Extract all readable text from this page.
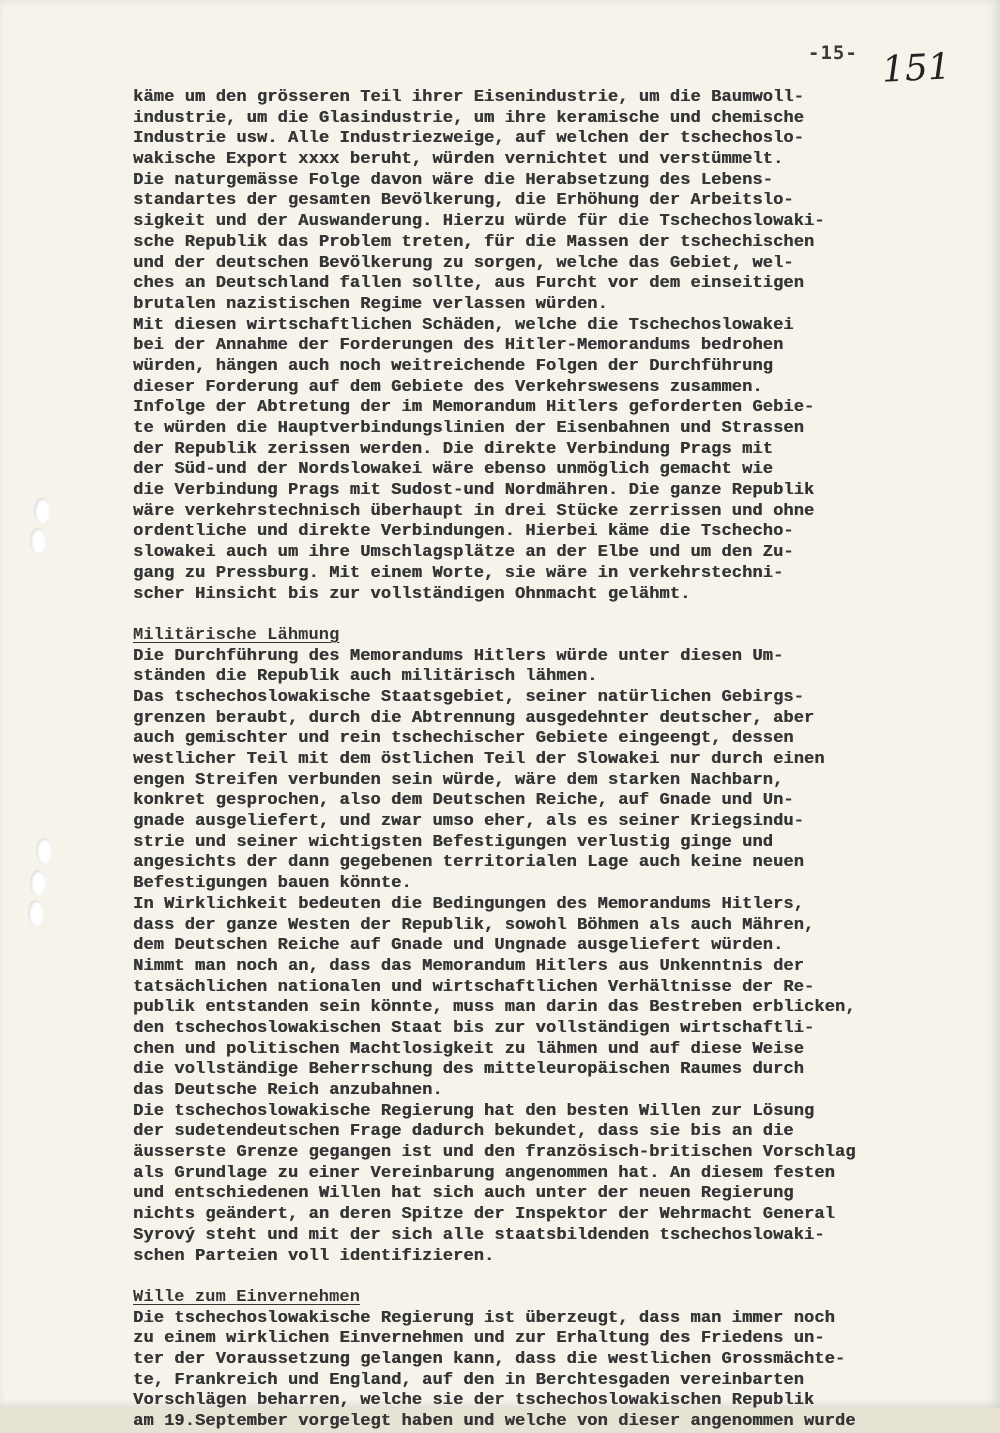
-15- 151
käme um den grösseren Teil ihrer Eisenindustrie, um die Baumwoll-
industrie, um die Glasindustrie, um ihre keramische und chemische
Industrie usw. Alle Industriezweige, auf welchen der tschechoslo-
wakische Export xxxx beruht, würden vernichtet und verstümmelt.
Die naturgemässe Folge davon wäre die Herabsetzung des Lebens-
standartes der gesamten Bevölkerung, die Erhöhung der Arbeitslo-
sigkeit und der Auswanderung. Hierzu würde für die Tschechoslowaki-
sche Republik das Problem treten, für die Massen der tschechischen
und der deutschen Bevölkerung zu sorgen, welche das Gebiet, wel-
ches an Deutschland fallen sollte, aus Furcht vor dem einseitigen
brutalen nazistischen Regime verlassen würden.
Mit diesen wirtschaftlichen Schäden, welche die Tschechoslowakei
bei der Annahme der Forderungen des Hitler-Memorandums bedrohen
würden, hängen auch noch weitreichende Folgen der Durchführung
dieser Forderung auf dem Gebiete des Verkehrswesens zusammen.
Infolge der Abtretung der im Memorandum Hitlers geforderten Gebie-
te würden die Hauptverbindungslinien der Eisenbahnen und Strassen
der Republik zerissen werden. Die direkte Verbindung Prags mit
der Süd-und der Nordslowakei wäre ebenso unmöglich gemacht wie
die Verbindung Prags mit Sudost-und Nordmähren. Die ganze Republik
wäre verkehrstechnisch überhaupt in drei Stücke zerrissen und ohne
ordentliche und direkte Verbindungen. Hierbei käme die Tschecho-
slowakei auch um ihre Umschlagsplätze an der Elbe und um den Zu-
gang zu Pressburg. Mit einem Worte, sie wäre in verkehrstechni-
scher Hinsicht bis zur vollständigen Ohnmacht gelähmt.
Militärische Lähmung
Die Durchführung des Memorandums Hitlers würde unter diesen Um-
ständen die Republik auch militärisch lähmen.
Das tschechoslowakische Staatsgebiet, seiner natürlichen Gebirgs-
grenzen beraubt, durch die Abtrennung ausgedehnter deutscher, aber
auch gemischter und rein tschechischer Gebiete eingeengt, dessen
westlicher Teil mit dem östlichen Teil der Slowakei nur durch einen
engen Streifen verbunden sein würde, wäre dem starken Nachbarn,
konkret gesprochen, also dem Deutschen Reiche, auf Gnade und Un-
gnade ausgeliefert, und zwar umso eher, als es seiner Kriegsindu-
strie und seiner wichtigsten Befestigungen verlustig ginge und
angesichts der dann gegebenen territorialen Lage auch keine neuen
Befestigungen bauen könnte.
In Wirklichkeit bedeuten die Bedingungen des Memorandums Hitlers,
dass der ganze Westen der Republik, sowohl Böhmen als auch Mähren,
dem Deutschen Reiche auf Gnade und Ungnade ausgeliefert würden.
Nimmt man noch an, dass das Memorandum Hitlers aus Unkenntnis der
tatsächlichen nationalen und wirtschaftlichen Verhältnisse der Re-
publik entstanden sein könnte, muss man darin das Bestreben erblicken,
den tschechoslowakischen Staat bis zur vollständigen wirtschaftli-
chen und politischen Machtlosigkeit zu lähmen und auf diese Weise
die vollständige Beherrschung des mitteleuropäischen Raumes durch
das Deutsche Reich anzubahnen.
Die tschechoslowakische Regierung hat den besten Willen zur Lösung
der sudetendeutschen Frage dadurch bekundet, dass sie bis an die
äusserste Grenze gegangen ist und den französisch-britischen Vorschlag
als Grundlage zu einer Vereinbarung angenommen hat. An diesem festen
und entschiedenen Willen hat sich auch unter der neuen Regierung
nichts geändert, an deren Spitze der Inspektor der Wehrmacht General
Syrový steht und mit der sich alle staatsbildenden tschechoslowaki-
schen Parteien voll identifizieren.
Wille zum Einvernehmen
Die tschechoslowakische Regierung ist überzeugt, dass man immer noch
zu einem wirklichen Einvernehmen und zur Erhaltung des Friedens un-
ter der Voraussetzung gelangen kann, dass die westlichen Grossmächte-
te, Frankreich und England, auf den in Berchtesgaden vereinbarten
Vorschlägen beharren, welche sie der tschechoslowakischen Republik
am 19.September vorgelegt haben und welche von dieser angenommen wurde
